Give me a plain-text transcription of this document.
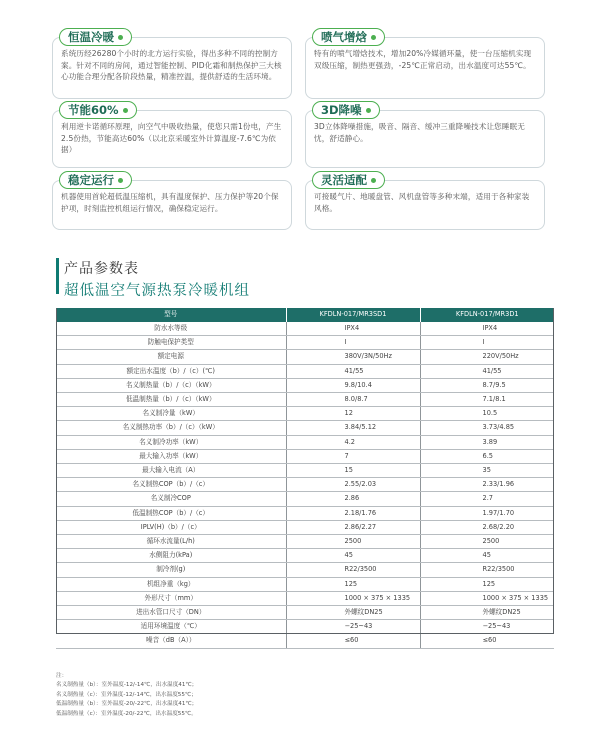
恒温冷暖
系统历经26280个小时的北方运行实验，得出多种不同的控制方案。针对不同的房间，通过智能控制、PID化霜和制热保护三大核心功能合理分配各阶段热量，精准控温，提供舒适的生活环境。
喷气增焓
特有的喷气增焓技术，增加20%冷媒循环量，使一台压缩机实现双级压缩，制热更强劲，-25℃正常启动，出水温度可达55℃。
节能60%
利用逆卡诺循环原理，向空气中吸收热量，使您只需1份电，产生2.5份热，节能高达60%（以北京采暖室外计算温度-7.6℃为依据）
3D降噪
3D立体降噪措施，吸音、隔音、缓冲三重降噪技术让您睡眠无忧，舒适静心。
稳定运行
机器使用首轮超低温压缩机，具有温度保护、压力保护等20个保护项，时刻监控机组运行情况，确保稳定运行。
灵活适配
可接暖气片、地暖盘管、风机盘管等多种末端，适用于各种家装风格。
产品参数表
超低温空气源热泵冷暖机组
型号	KFDLN-017/MR3SD1	KFDLN-017/MR3D1
防水水等级	IPX4	IPX4
防触电保护类型	I	I
额定电源	380V/3N/50Hz	220V/50Hz
额定出水温度（b）/（c）(℃)	41/55	41/55
名义制热量（b）/（c）（kW）	9.8/10.4	8.7/9.5
低温制热量（b）/（c）（kW）	8.0/8.7	7.1/8.1
名义制冷量（kW）	12	10.5
名义制热功率（b）/（c）（kW）	3.84/5.12	3.73/4.85
名义制冷功率（kW）	4.2	3.89
最大输入功率（kW）	7	6.5
最大输入电流（A）	15	35
名义制热COP（b）/（c）	2.55/2.03	2.33/1.96
名义制冷COP	2.86	2.7
低温制热COP（b）/（c）	2.18/1.76	1.97/1.70
IPLV(H)（b）/（c）	2.86/2.27	2.68/2.20
循环水流量(L/h)	2500	2500
水侧阻力(kPa)	45	45
制冷剂(g)	R22/3500	R22/3500
机组净重（kg）	125	125
外形尺寸（mm）	1000 × 375 × 1335	1000 × 375 × 1335
进出水管口尺寸（DN）	外螺纹DN25	外螺纹DN25
适用环境温度（℃）	−25~43	−25~43
噪音（dB（A））	≤60	≤60
注：
名义制热量（b）：室外温度-12/-14℃，出水温度41℃；
名义制热量（c）：室外温度-12/-14℃，出水温度55℃；
低温制热量（b）：室外温度-20/-22℃，出水温度41℃；
低温制热量（c）：室外温度-20/-22℃，出水温度55℃。
